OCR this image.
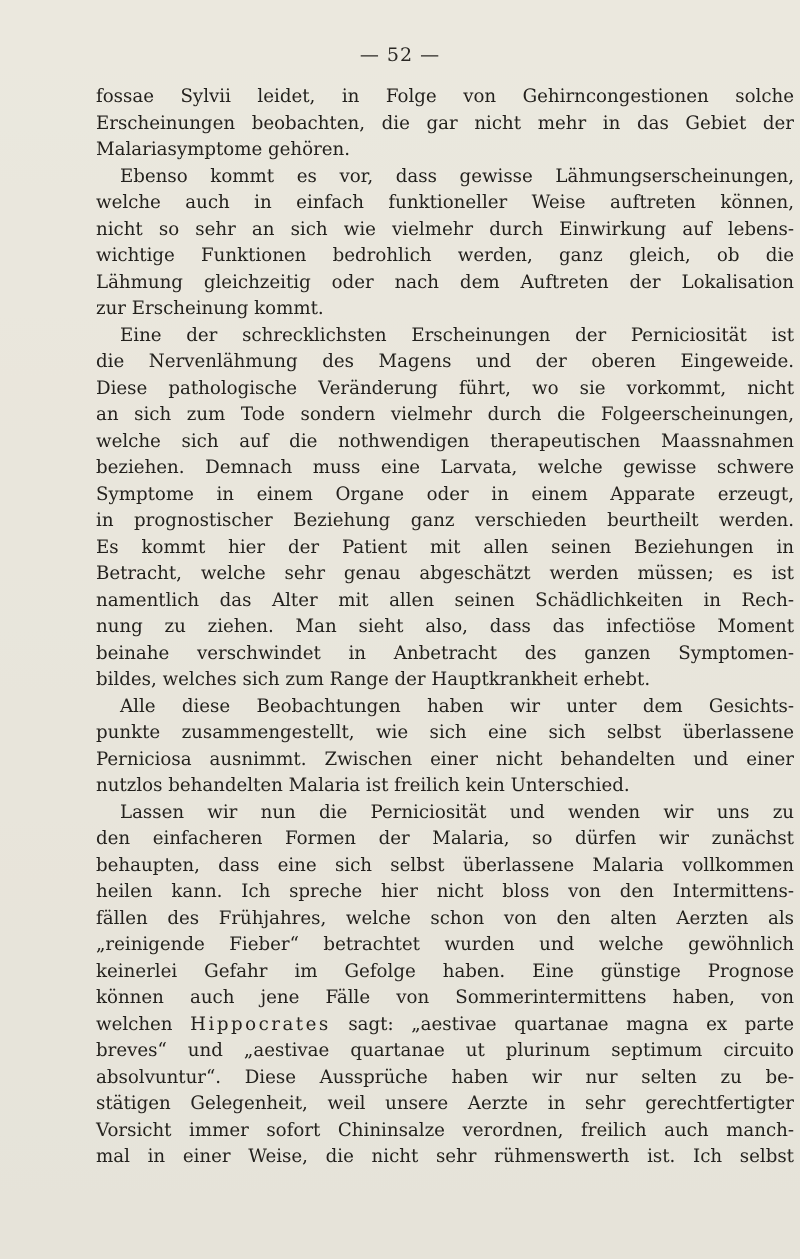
— 52 —
fossae Sylvii leidet, in Folge von Gehirncongestionen solche
Erscheinungen beobachten, die gar nicht mehr in das Gebiet der
Malariasymptome gehören.
Ebenso kommt es vor, dass gewisse Lähmungserscheinungen,
welche auch in einfach funktioneller Weise auftreten können,
nicht so sehr an sich wie vielmehr durch Einwirkung auf lebens-
wichtige Funktionen bedrohlich werden, ganz gleich, ob die
Lähmung gleichzeitig oder nach dem Auftreten der Lokalisation
zur Erscheinung kommt.
Eine der schrecklichsten Erscheinungen der Perniciosität ist
die Nervenlähmung des Magens und der oberen Eingeweide.
Diese pathologische Veränderung führt, wo sie vorkommt, nicht
an sich zum Tode sondern vielmehr durch die Folgeerscheinungen,
welche sich auf die nothwendigen therapeutischen Maassnahmen
beziehen. Demnach muss eine Larvata, welche gewisse schwere
Symptome in einem Organe oder in einem Apparate erzeugt,
in prognostischer Beziehung ganz verschieden beurtheilt werden.
Es kommt hier der Patient mit allen seinen Beziehungen in
Betracht, welche sehr genau abgeschätzt werden müssen; es ist
namentlich das Alter mit allen seinen Schädlichkeiten in Rech-
nung zu ziehen. Man sieht also, dass das infectiöse Moment
beinahe verschwindet in Anbetracht des ganzen Symptomen-
bildes, welches sich zum Range der Hauptkrankheit erhebt.
Alle diese Beobachtungen haben wir unter dem Gesichts-
punkte zusammengestellt, wie sich eine sich selbst überlassene
Perniciosa ausnimmt. Zwischen einer nicht behandelten und einer
nutzlos behandelten Malaria ist freilich kein Unterschied.
Lassen wir nun die Perniciosität und wenden wir uns zu
den einfacheren Formen der Malaria, so dürfen wir zunächst
behaupten, dass eine sich selbst überlassene Malaria vollkommen
heilen kann. Ich spreche hier nicht bloss von den Intermittens-
fällen des Frühjahres, welche schon von den alten Aerzten als
„reinigende Fieber“ betrachtet wurden und welche gewöhnlich
keinerlei Gefahr im Gefolge haben. Eine günstige Prognose
können auch jene Fälle von Sommerintermittens haben, von
welchen Hippocrates sagt: „aestivae quartanae magna ex parte
breves“ und „aestivae quartanae ut plurinum septimum circuito
absolvuntur“. Diese Aussprüche haben wir nur selten zu be-
stätigen Gelegenheit, weil unsere Aerzte in sehr gerechtfertigter
Vorsicht immer sofort Chininsalze verordnen, freilich auch manch-
mal in einer Weise, die nicht sehr rühmenswerth ist. Ich selbst
